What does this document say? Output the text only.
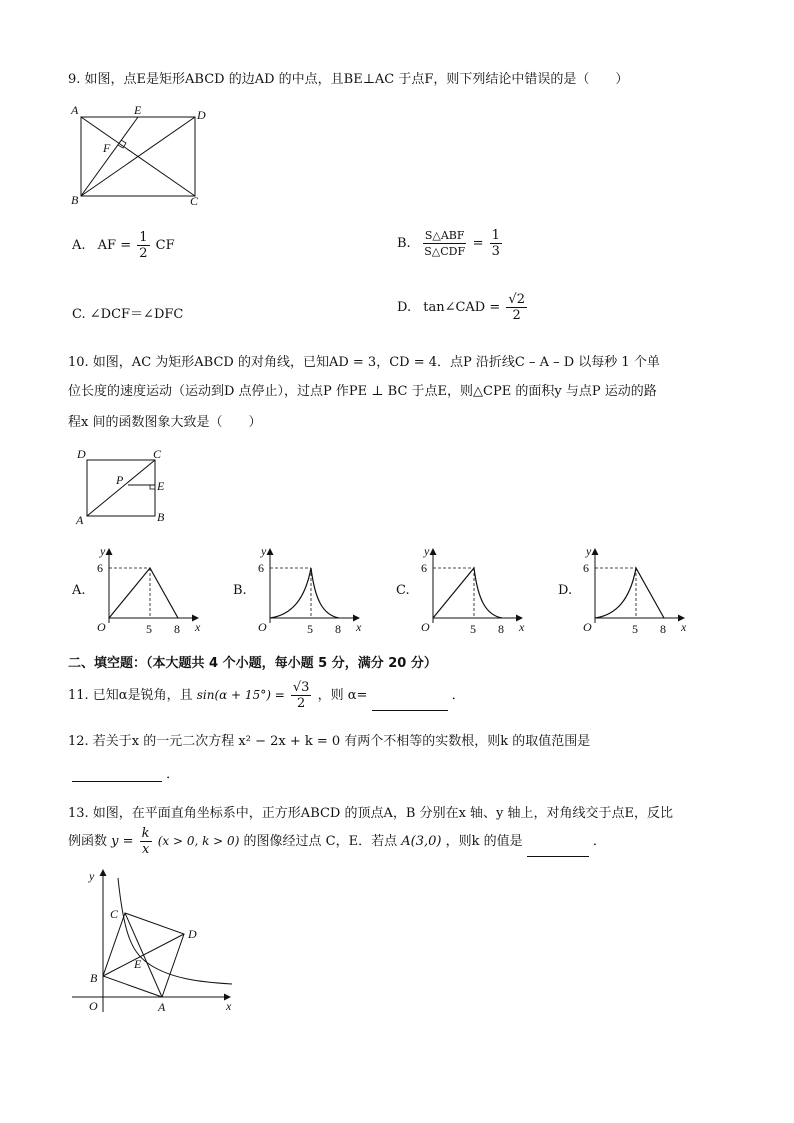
9. 如图，点E是矩形ABCD 的边AD 的中点，且BE⊥AC 于点F，则下列结论中错误的是（　　）
A	E	D
F
B	C
A. AF = $\frac{1}{2}$ CF	B. $\frac{\text{S△ABF}}{\text{S△CDF}} = \frac{1}{3}$
C. ∠DCF＝∠DFC	D. tan∠CAD = $\frac{√2}{2}$
10. 如图，AC 为矩形ABCD 的对角线，已知AD = 3，CD = 4．点P 沿折线C – A – D 以每秒 1 个单
位长度的速度运动（运动到D 点停止），过点P 作PE ⊥ BC 于点E，则△CPE 的面积y 与点P 运动的路
程x 间的函数图象大致是（　　）
D	C
P	E
A	B
A.
y
6
O	5 8 x
B.
y
6
O	5 8 x
C.
y
6
O	5 8 x
D.
y
6
O	5 8 x
二、填空题：（本大题共 4 个小题，每小题 5 分，满分 20 分）
11. 已知α是锐角，且 $\sin(\alpha + 15^\circ) = \frac{√3}{2}$ ，则 α=	．
12. 若关于x 的一元二次方程 x² − 2x + k = 0 有两个不相等的实数根，则k 的取值范围是
．
13. 如图，在平面直角坐标系中，正方形ABCD 的顶点A，B 分别在x 轴、y 轴上，对角线交于点E，反比
例函数 $y = \frac{k}{x} (x > 0$, k > 0) 的图像经过点 C，E．若点 A(3,0) ，则k 的值是	．
y
C
D
E
B
O	A	x
